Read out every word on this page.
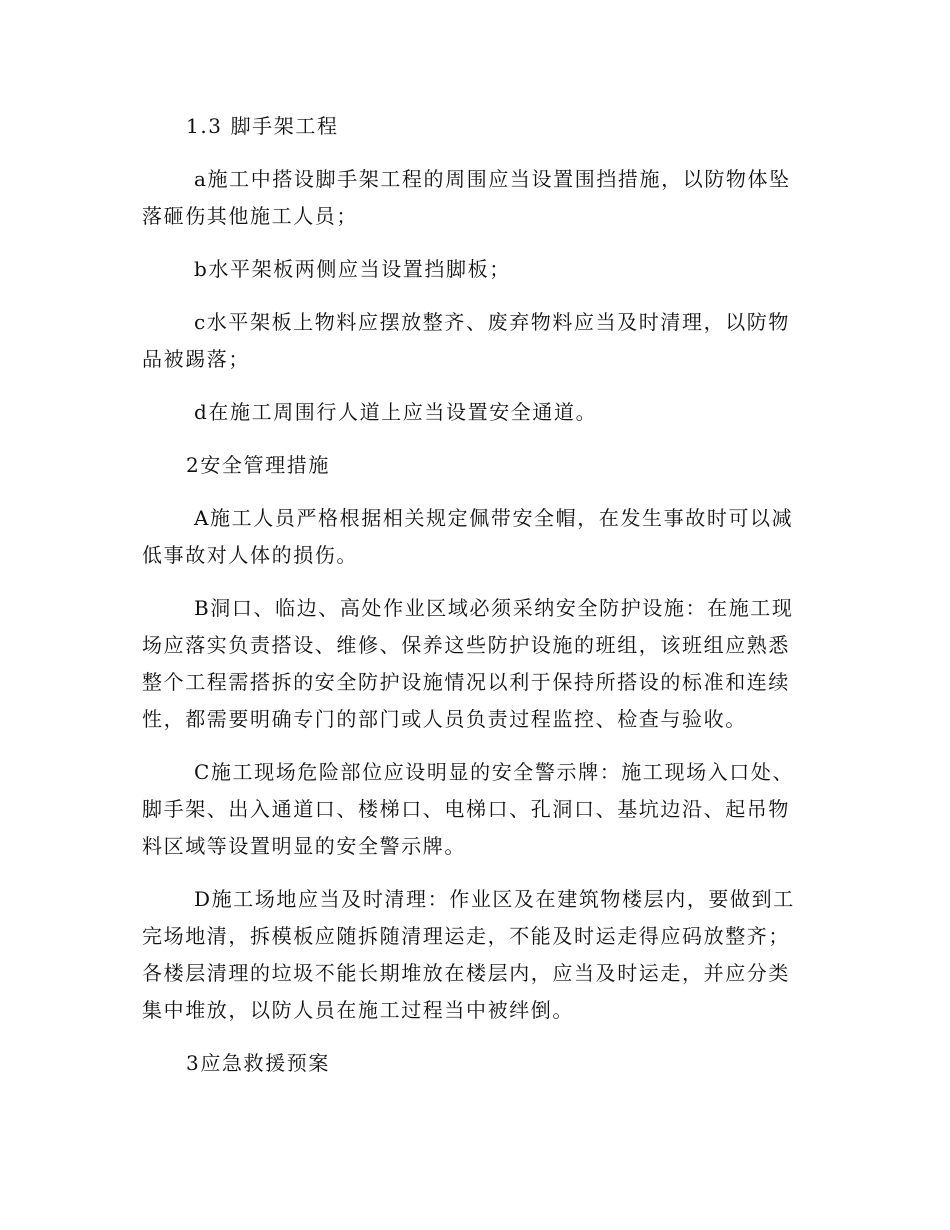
1.3 脚手架工程

a施工中搭设脚手架工程的周围应当设置围挡措施，以防物体坠落砸伤其他施工人员；

b水平架板两侧应当设置挡脚板；

c水平架板上物料应摆放整齐、废弃物料应当及时清理，以防物品被踢落；

d在施工周围行人道上应当设置安全通道。

2安全管理措施

A施工人员严格根据相关规定佩带安全帽，在发生事故时可以减低事故对人体的损伤。

B洞口、临边、高处作业区域必须采纳安全防护设施：在施工现场应落实负责搭设、维修、保养这些防护设施的班组，该班组应熟悉整个工程需搭拆的安全防护设施情况以利于保持所搭设的标准和连续性，都需要明确专门的部门或人员负责过程监控、检查与验收。

C施工现场危险部位应设明显的安全警示牌：施工现场入口处、脚手架、出入通道口、楼梯口、电梯口、孔洞口、基坑边沿、起吊物料区域等设置明显的安全警示牌。

D施工场地应当及时清理：作业区及在建筑物楼层内，要做到工完场地清，拆模板应随拆随清理运走，不能及时运走得应码放整齐；各楼层清理的垃圾不能长期堆放在楼层内，应当及时运走，并应分类集中堆放，以防人员在施工过程当中被绊倒。

3应急救援预案
